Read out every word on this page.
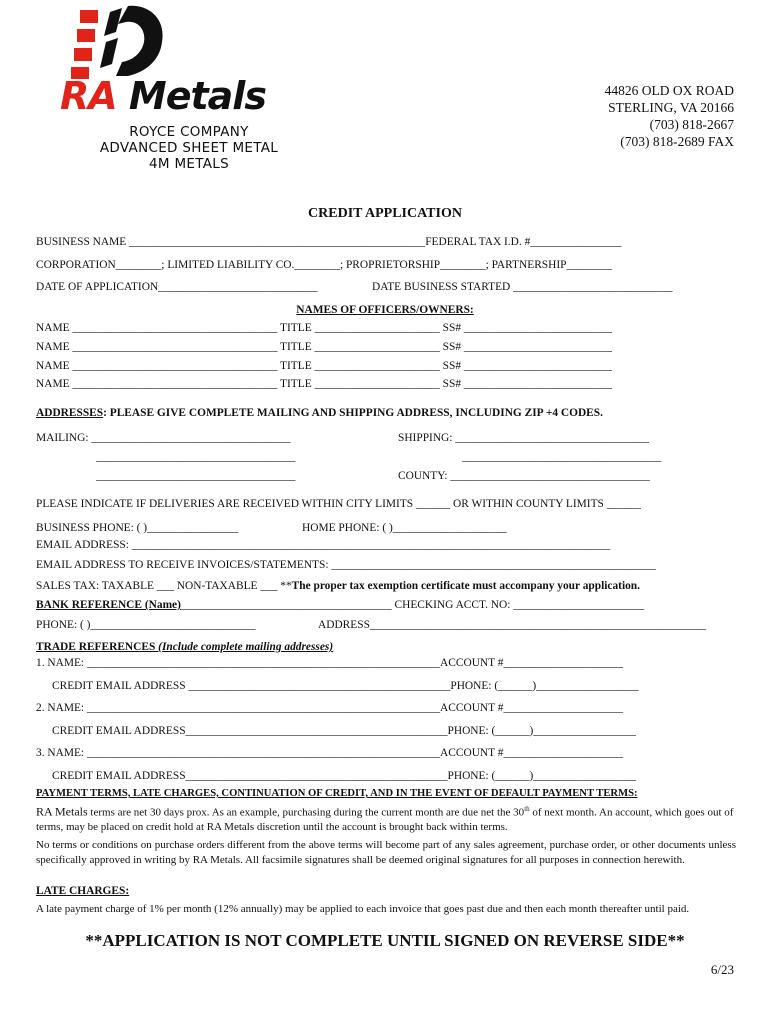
RA Metals
ROYCE COMPANY
ADVANCED SHEET METAL
4M METALS
44826 OLD OX ROAD
STERLING, VA 20166
(703) 818-2667
(703) 818-2689 FAX
CREDIT APPLICATION
BUSINESS NAME ____________________________________________________FEDERAL TAX I.D. #________________
CORPORATION________; LIMITED LIABILITY CO.________; PROPRIETORSHIP________; PARTNERSHIP________
DATE OF APPLICATION____________________________	DATE BUSINESS STARTED ____________________________
NAMES OF OFFICERS/OWNERS:
NAME ____________________________________ TITLE ______________________ SS# __________________________
NAME ____________________________________ TITLE ______________________ SS# __________________________
NAME ____________________________________ TITLE ______________________ SS# __________________________
NAME ____________________________________ TITLE ______________________ SS# __________________________
ADDRESSES: PLEASE GIVE COMPLETE MAILING AND SHIPPING ADDRESS, INCLUDING ZIP +4 CODES.
MAILING: ___________________________________	SHIPPING: __________________________________
___________________________________	___________________________________
___________________________________	COUNTY: ___________________________________
PLEASE INDICATE IF DELIVERIES ARE RECEIVED WITHIN CITY LIMITS ______ OR WITHIN COUNTY LIMITS ______
BUSINESS PHONE: ( )________________	HOME PHONE: ( )____________________
EMAIL ADDRESS: ____________________________________________________________________________________
EMAIL ADDRESS TO RECEIVE INVOICES/STATEMENTS: _________________________________________________________
SALES TAX: TAXABLE ___ NON-TAXABLE ___ **The proper tax exemption certificate must accompany your application.
BANK REFERENCE (Name)_____________________________________ CHECKING ACCT. NO: _______________________
PHONE: ( )_____________________________	ADDRESS___________________________________________________________
TRADE REFERENCES (Include complete mailing addresses)
1. NAME: ______________________________________________________________ACCOUNT #_____________________
CREDIT EMAIL ADDRESS ______________________________________________PHONE: (______)__________________
2. NAME: ______________________________________________________________ACCOUNT #_____________________
CREDIT EMAIL ADDRESS______________________________________________PHONE: (______)__________________
3. NAME: ______________________________________________________________ACCOUNT #_____________________
CREDIT EMAIL ADDRESS______________________________________________PHONE: (______)__________________
PAYMENT TERMS, LATE CHARGES, CONTINUATION OF CREDIT, AND IN THE EVENT OF DEFAULT PAYMENT TERMS:
RA Metals terms are net 30 days prox. As an example, purchasing during the current month are due net the 30th of next month. An account, which goes out of terms, may be placed on credit hold at RA Metals discretion until the account is brought back within terms.
No terms or conditions on purchase orders different from the above terms will become part of any sales agreement, purchase order, or other documents unless specifically approved in writing by RA Metals. All facsimile signatures shall be deemed original signatures for all purposes in connection herewith.
LATE CHARGES:
A late payment charge of 1% per month (12% annually) may be applied to each invoice that goes past due and then each month thereafter until paid.
**APPLICATION IS NOT COMPLETE UNTIL SIGNED ON REVERSE SIDE**
6/23
